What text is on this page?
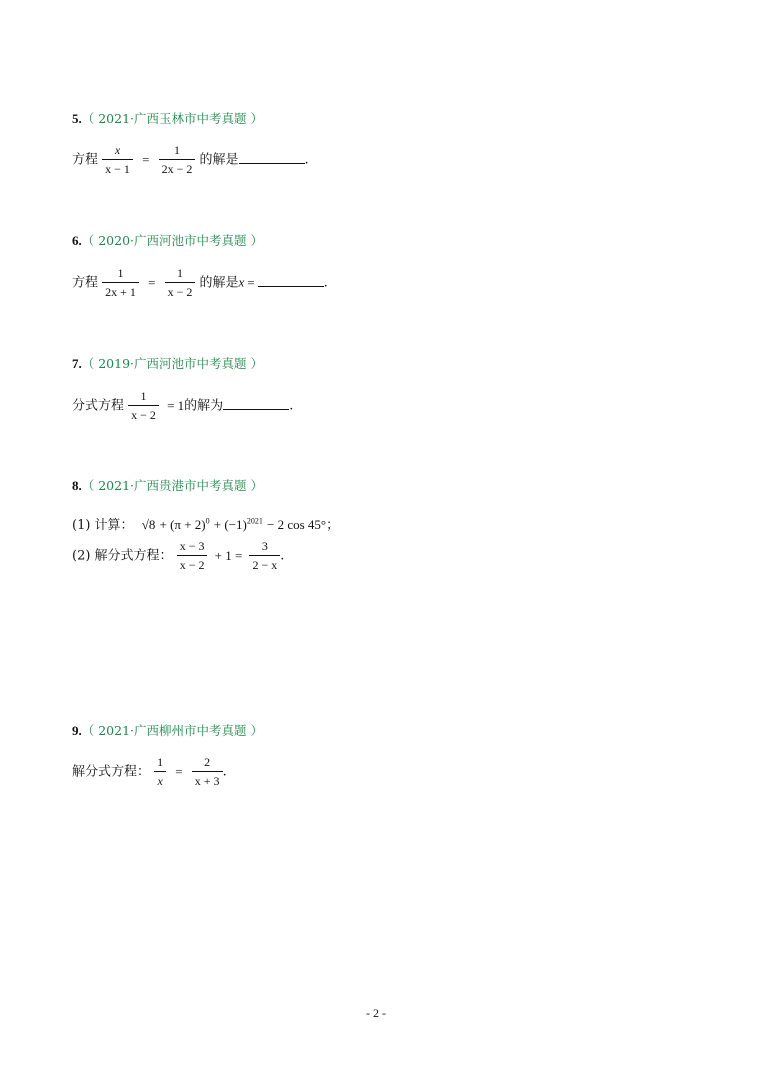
5.（ 2021·广西玉林市中考真题 ）
方程 $\frac{x}{x - 1} = \frac{1}{2x - 2}$ 的解是	.
6.（ 2020·广西河池市中考真题 ）
方程 $\frac{1}{2x + 1} = \frac{1}{x - 2}$ 的解是x =	.
7.（ 2019·广西河池市中考真题 ）
分式方程 $\frac{1}{x - 2} = 1$的解为	.
8.（ 2021·广西贵港市中考真题 ）
(1) 计算： $√8 + (\pi + 2)^0 + (-1)^{2021} - 2$ cos 45°；
(2) 解分式方程： $\frac{x - 3}{x - 2} + 1 = \frac{3}{2 - x}$ .
9.（ 2021·广西柳州市中考真题 ）
解分式方程： $\frac{1}{x} = \frac{2}{x + 3}$ .
- 2 -
